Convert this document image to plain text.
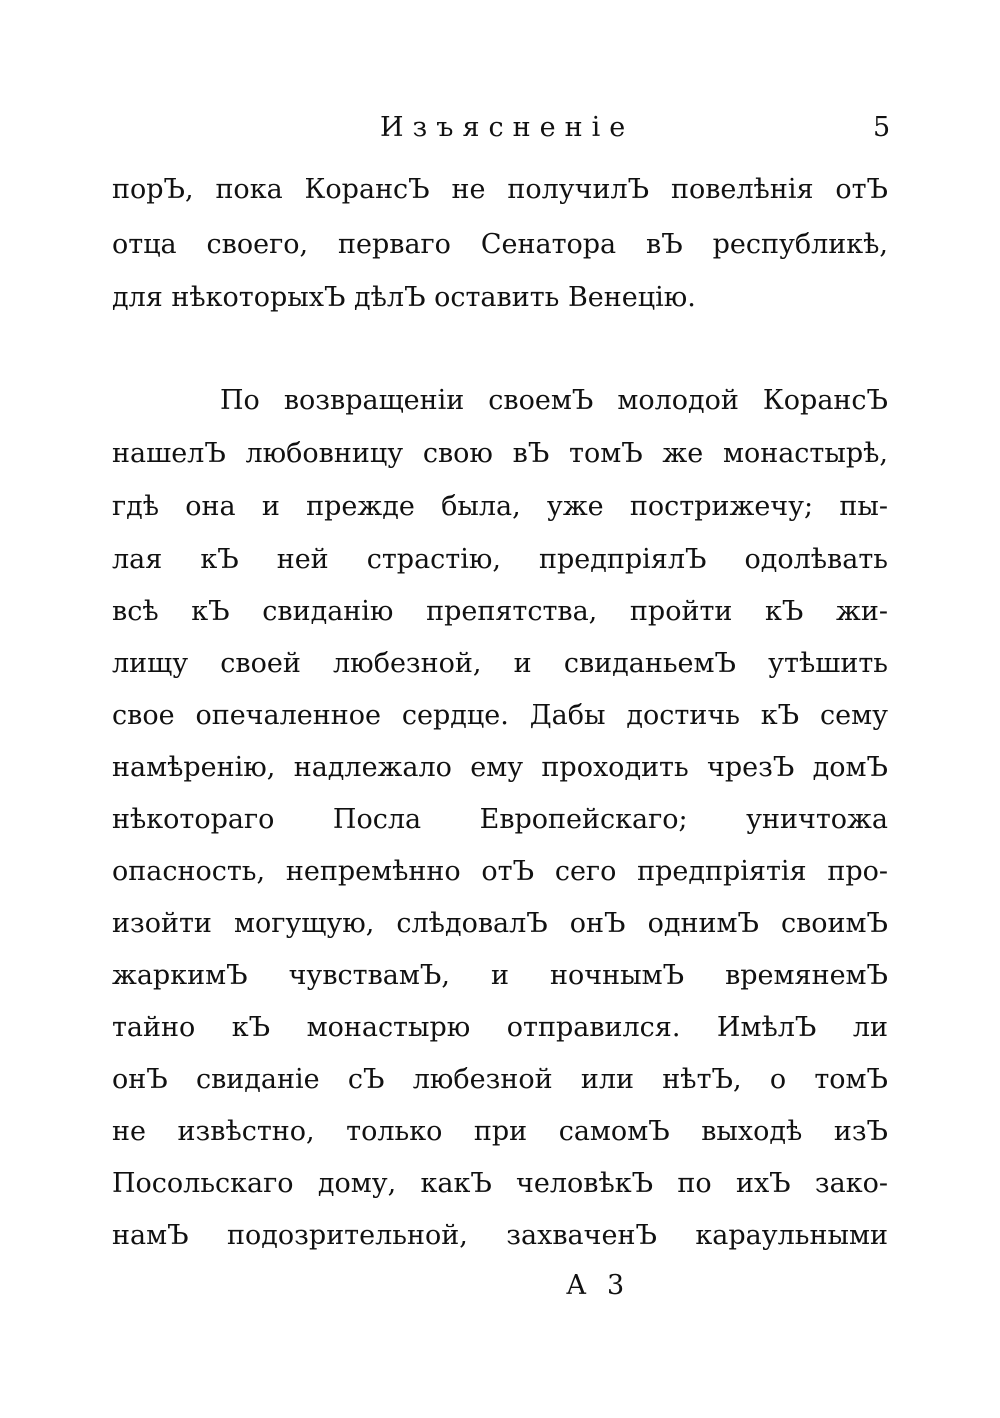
Изъясненiе	5
порЪ, пока КорансЪ не получилЪ повелѣнiя отЪ
отца своего, перваго Сенатора вЪ республикѣ,
для нѣкоторыхЪ дѣлЪ оставить Венецiю.
По возвращенiи своемЪ молодой КорансЪ
нашелЪ любовницу свою вЪ томЪ же монастырѣ,
гдѣ она и прежде была, уже пострижечу; пы-
лая кЪ ней страстiю, предпрiялЪ одолѣвать
всѣ кЪ свиданiю препятства, пройти кЪ жи-
лищу своей любезной, и свиданьемЪ утѣшить
свое опечаленное сердце. Дабы достичь кЪ сему
намѣренiю, надлежало ему проходить чрезЪ домЪ
нѣкотораго Посла Европейскаго; уничтожа
опасность, непремѣнно отЪ сего предпрiятiя про-
изойти могущую, слѣдовалЪ онЪ однимЪ своимЪ
жаркимЪ чувствамЪ, и ночнымЪ времянемЪ
тайно кЪ монастырю отправился. ИмѣлЪ ли
онЪ свиданiе сЪ любезной или нѣтЪ, о томЪ
не извѣстно, только при самомЪ выходѣ изЪ
Посольскаго дому, какЪ человѣкЪ по ихЪ зако-
намЪ подозрительной, захваченЪ караульными
А 3
